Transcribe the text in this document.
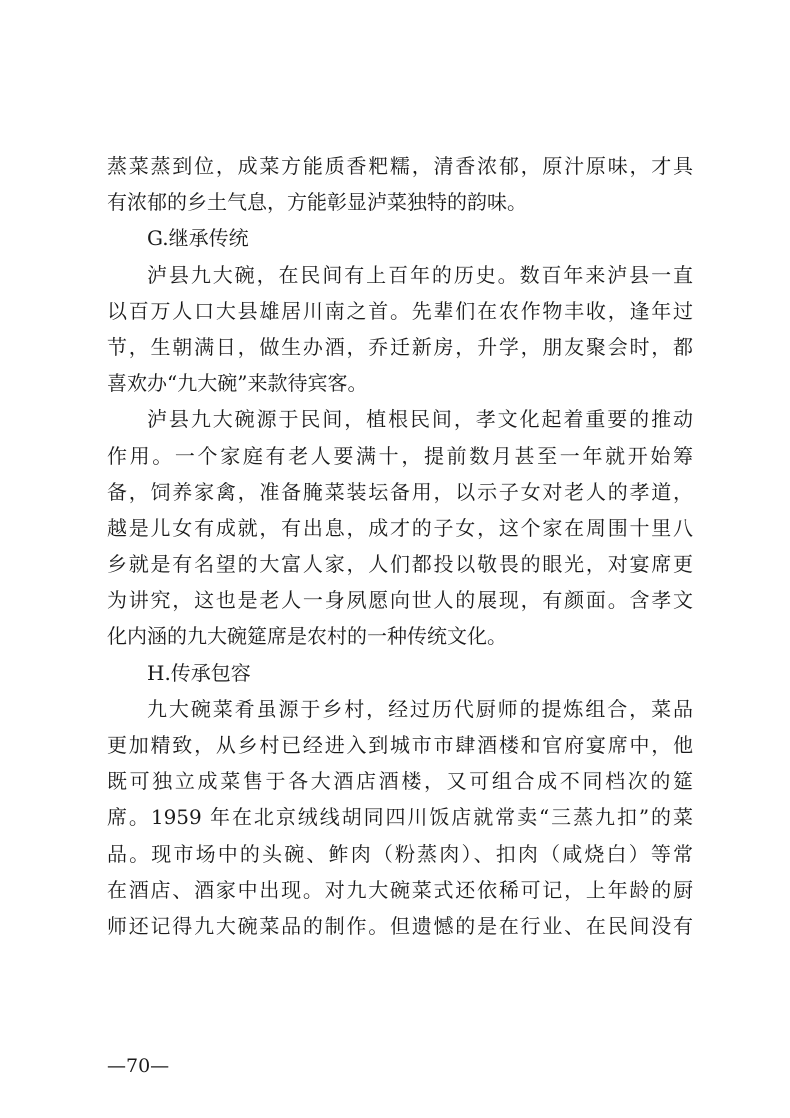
蒸菜蒸到位，成菜方能质香粑糯，清香浓郁，原汁原味，才具
有浓郁的乡土气息，方能彰显泸菜独特的韵味。
G.继承传统
泸县九大碗，在民间有上百年的历史。数百年来泸县一直
以百万人口大县雄居川南之首。先辈们在农作物丰收，逢年过
节，生朝满日，做生办酒，乔迁新房，升学，朋友聚会时，都
喜欢办“九大碗”来款待宾客。
泸县九大碗源于民间，植根民间，孝文化起着重要的推动
作用。一个家庭有老人要满十，提前数月甚至一年就开始筹
备，饲养家禽，准备腌菜装坛备用，以示子女对老人的孝道，
越是儿女有成就，有出息，成才的子女，这个家在周围十里八
乡就是有名望的大富人家，人们都投以敬畏的眼光，对宴席更
为讲究，这也是老人一身夙愿向世人的展现，有颜面。含孝文
化内涵的九大碗筵席是农村的一种传统文化。
H.传承包容
九大碗菜肴虽源于乡村，经过历代厨师的提炼组合，菜品
更加精致，从乡村已经进入到城市市肆酒楼和官府宴席中，他
既可独立成菜售于各大酒店酒楼，又可组合成不同档次的筵
席。1959 年在北京绒线胡同四川饭店就常卖“三蒸九扣”的菜
品。现市场中的头碗、鲊肉（粉蒸肉）、扣肉（咸烧白）等常
在酒店、酒家中出现。对九大碗菜式还依稀可记，上年龄的厨
师还记得九大碗菜品的制作。但遗憾的是在行业、在民间没有
—70—
